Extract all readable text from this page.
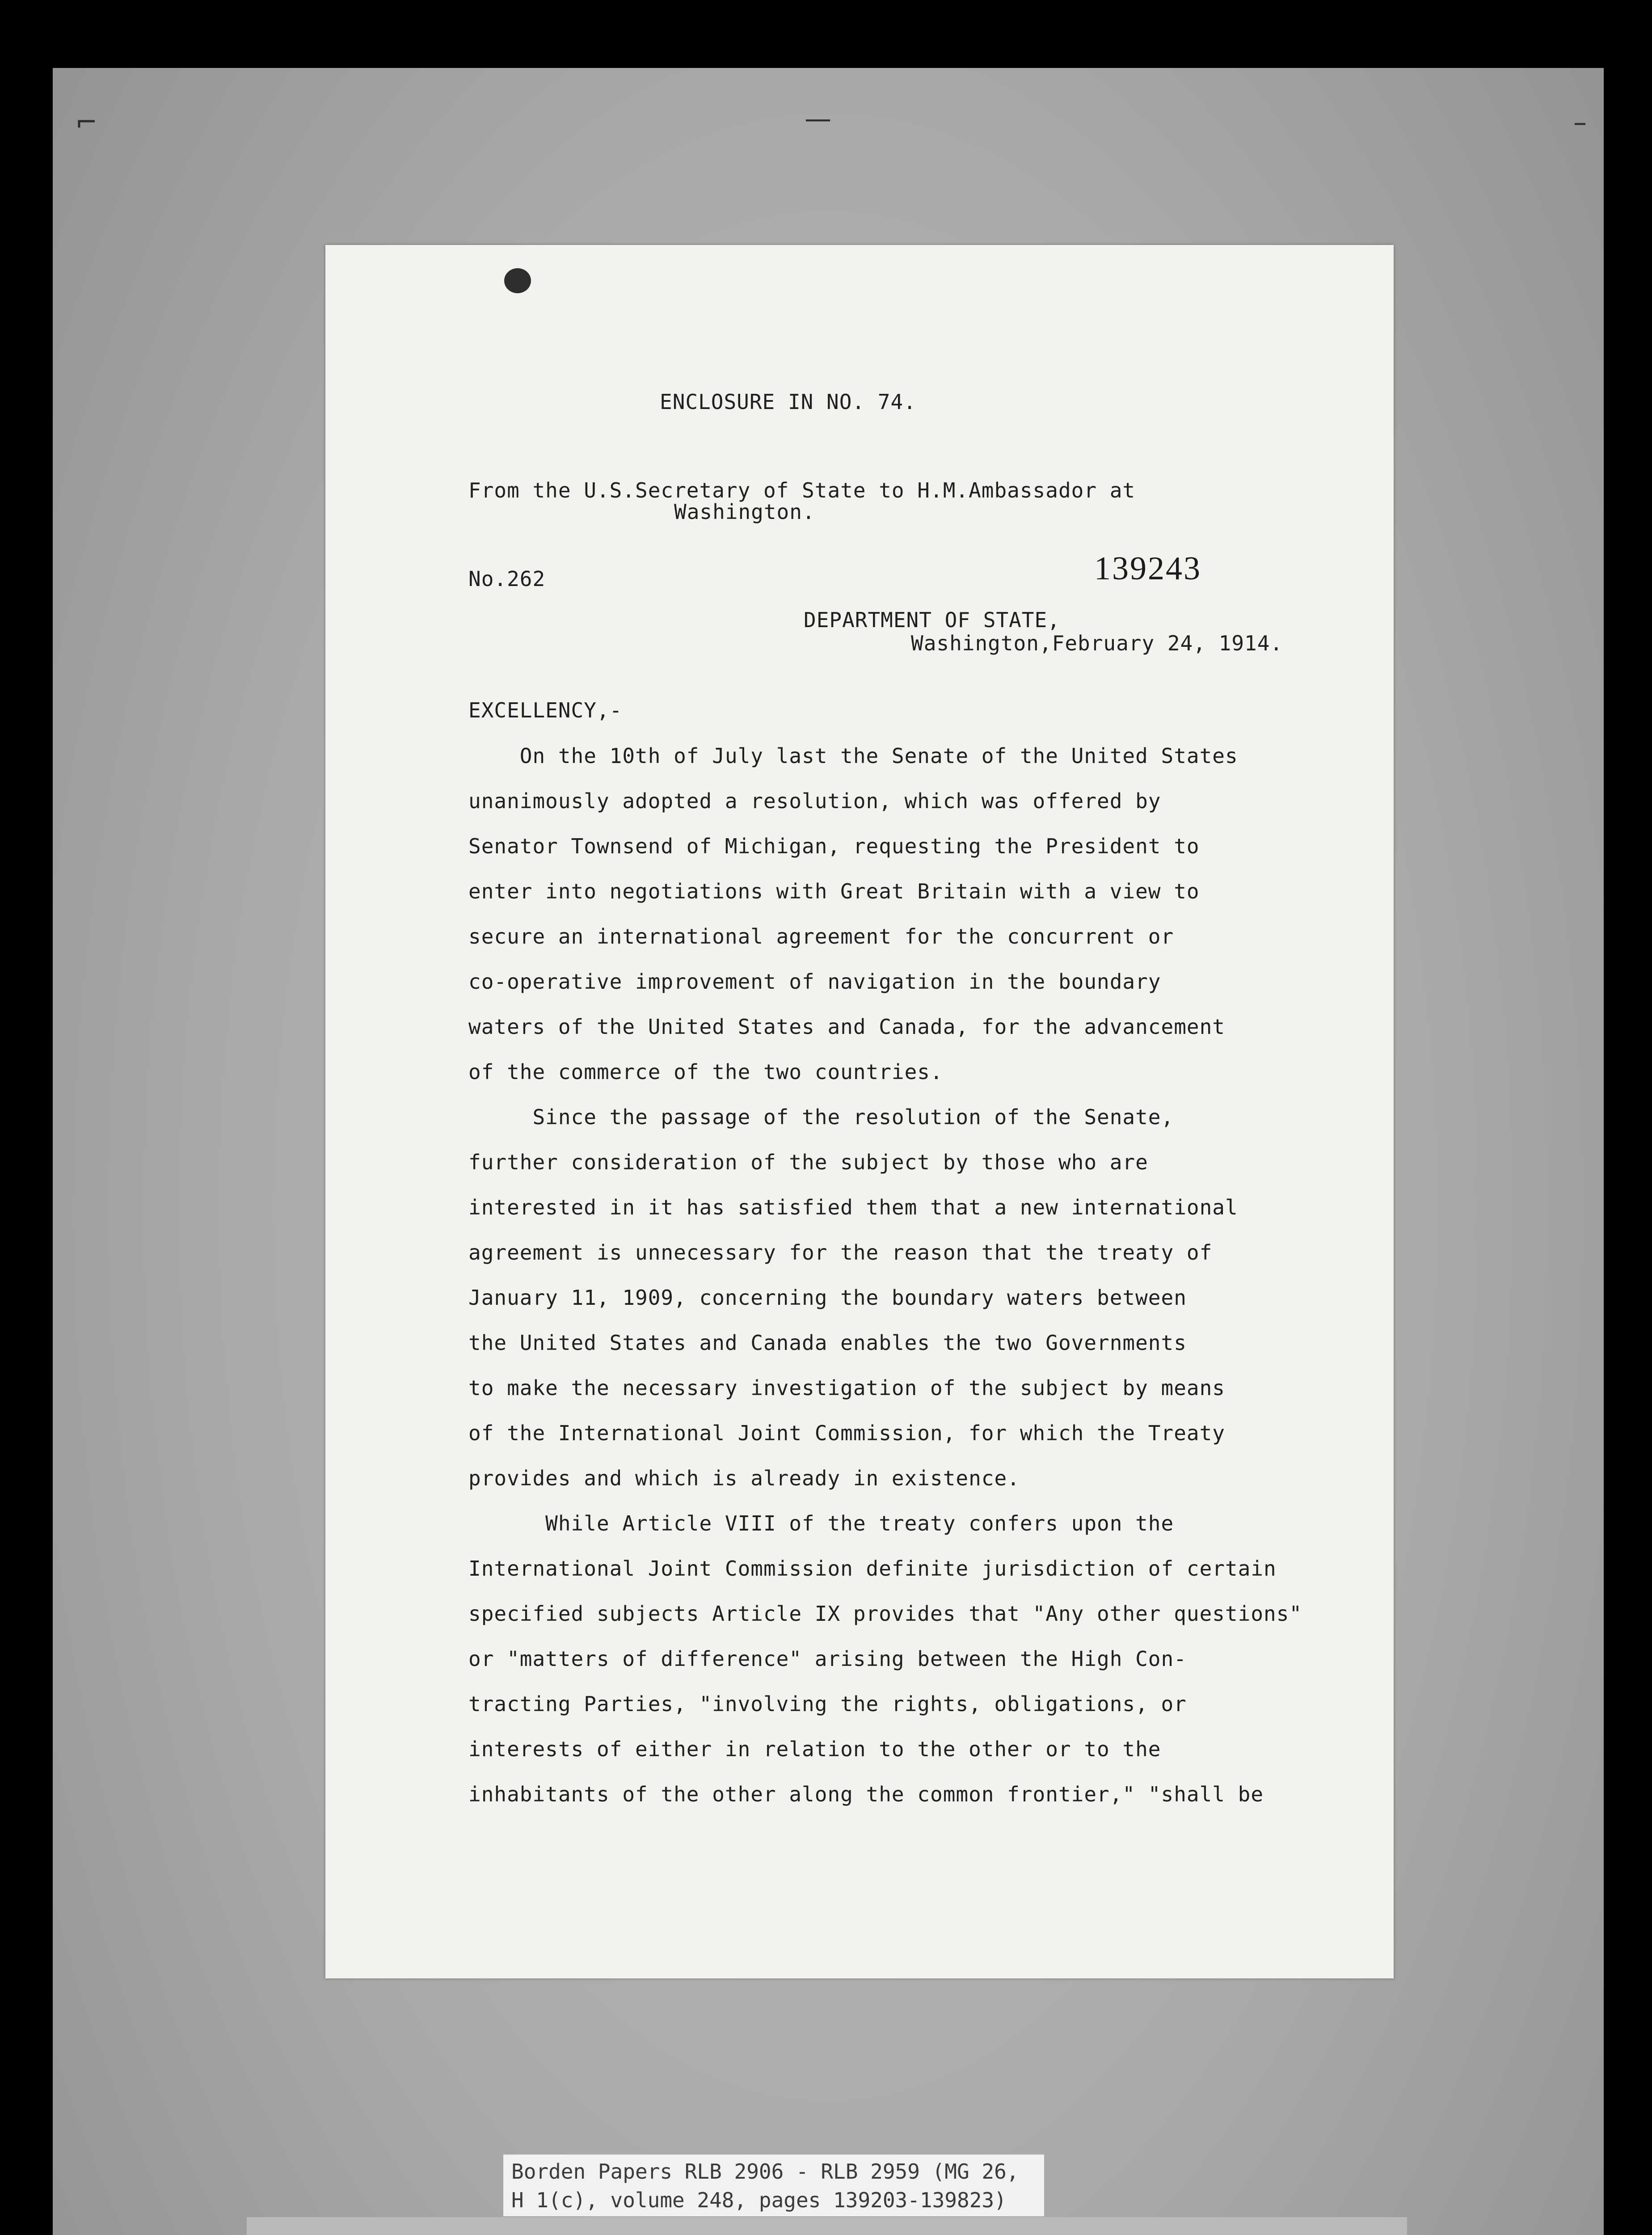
⌐	–
—
ENCLOSURE IN NO. 74.
From the U.S.Secretary of State to H.M.Ambassador at
Washington.
No.262	139243
DEPARTMENT OF STATE,
Washington,February 24, 1914.
EXCELLENCY,-
On the 10th of July last the Senate of the United States
unanimously adopted a resolution, which was offered by
Senator Townsend of Michigan, requesting the President to
enter into negotiations with Great Britain with a view to
secure an international agreement for the concurrent or
co-operative improvement of navigation in the boundary
waters of the United States and Canada, for the advancement
of the commerce of the two countries.
Since the passage of the resolution of the Senate,
further consideration of the subject by those who are
interested in it has satisfied them that a new international
agreement is unnecessary for the reason that the treaty of
January 11, 1909, concerning the boundary waters between
the United States and Canada enables the two Governments
to make the necessary investigation of the subject by means
of the International Joint Commission, for which the Treaty
provides and which is already in existence.
While Article VIII of the treaty confers upon the
International Joint Commission definite jurisdiction of certain
specified subjects Article IX provides that "Any other questions"
or "matters of difference" arising between the High Con-
tracting Parties, "involving the rights, obligations, or
interests of either in relation to the other or to the
inhabitants of the other along the common frontier," "shall be
Borden Papers RLB 2906 - RLB 2959 (MG 26,
H 1(c), volume 248, pages 139203-139823)
